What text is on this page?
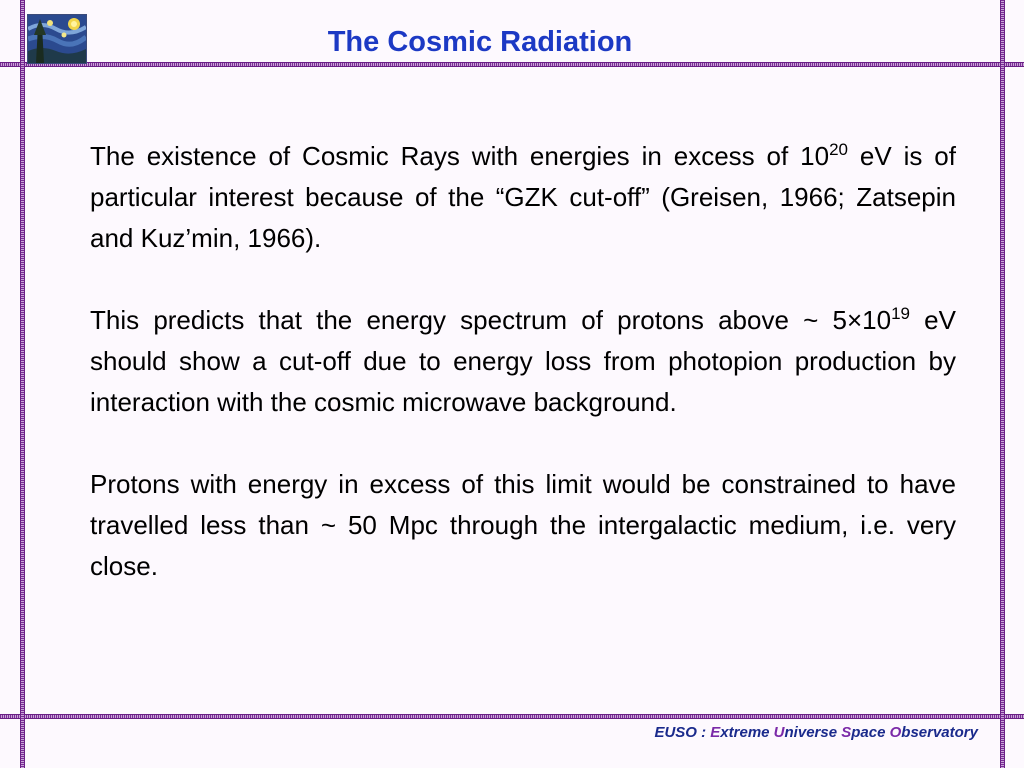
The Cosmic Radiation

The existence of Cosmic Rays with energies in excess of $10^{20}$ eV is of particular interest because of the “GZK cut-off” (Greisen, 1966; Zatsepin and Kuz’min, 1966).

This predicts that the energy spectrum of protons above ~ $5\times 10^{19}$ eV should show a cut-off due to energy loss from photopion production by interaction with the cosmic microwave background.

Protons with energy in excess of this limit would be constrained to have travelled less than ~ 50 Mpc through the intergalactic medium, i.e. very close.

EUSO : Extreme Universe Space Observatory
